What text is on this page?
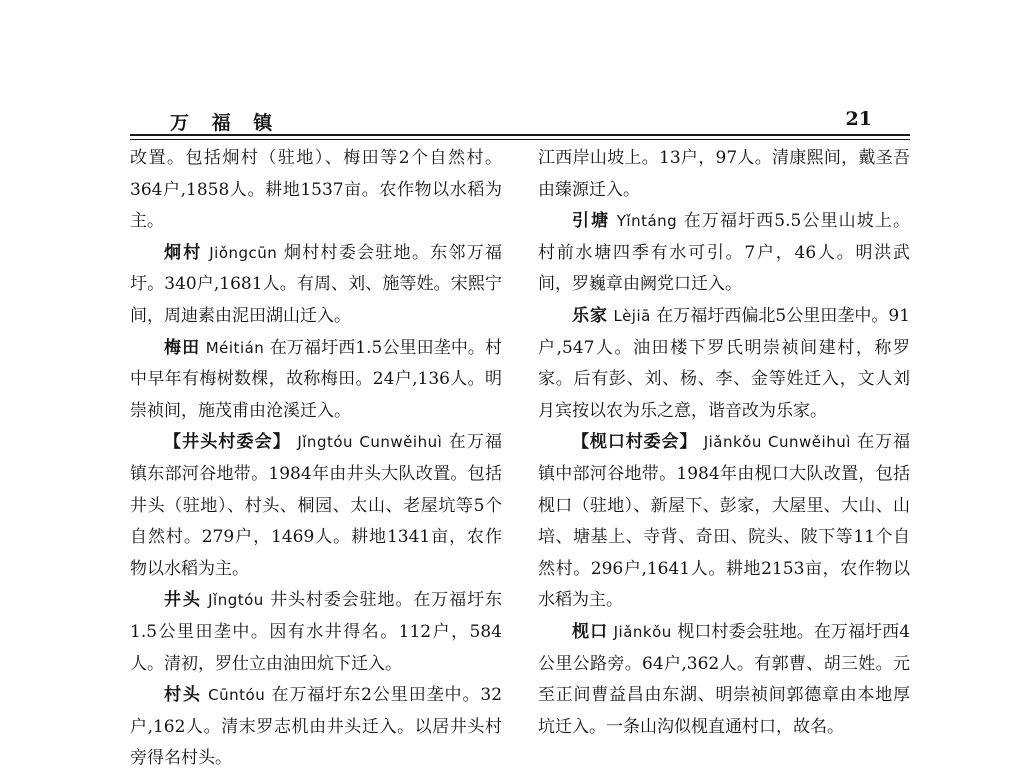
万 福 镇	21

改置。包括炯村（驻地）、梅田等2个自然村。364户,1858人。耕地1537亩。农作物以水稻为主。

炯村 Jiǒngcūn 炯村村委会驻地。东邻万福圩。340户,1681人。有周、刘、施等姓。宋熙宁间，周迪素由泥田湖山迁入。

梅田 Méitián 在万福圩西1.5公里田垄中。村中早年有梅树数棵，故称梅田。24户,136人。明崇祯间，施茂甫由沧溪迁入。

【井头村委会】 Jǐngtóu Cunwěihuì 在万福镇东部河谷地带。1984年由井头大队改置。包括井头（驻地）、村头、桐园、太山、老屋坑等5个自然村。279户，1469人。耕地1341亩，农作物以水稻为主。

井头 Jǐngtóu 井头村委会驻地。在万福圩东1.5公里田垄中。因有水井得名。112户，584人。清初，罗仕立由油田炕下迁入。

村头 Cūntóu 在万福圩东2公里田垄中。32户,162人。清末罗志机由井头迁入。以居井头村旁得名村头。

江西岸山坡上。13户，97人。清康熙间，戴圣吾由臻源迁入。

引塘 Yǐntáng 在万福圩西5.5公里山坡上。村前水塘四季有水可引。7户，46人。明洪武间，罗巍章由阙党口迁入。

乐家 Lèjiā 在万福圩西偏北5公里田垄中。91户,547人。油田楼下罗氏明崇祯间建村，称罗家。后有彭、刘、杨、李、金等姓迁入，文人刘月宾按以农为乐之意，谐音改为乐家。

【枧口村委会】 Jiǎnkǒu Cunwěihuì 在万福镇中部河谷地带。1984年由枧口大队改置，包括枧口（驻地）、新屋下、彭家，大屋里、大山、山培、塘基上、寺背、奇田、院头、陂下等11个自然村。296户,1641人。耕地2153亩，农作物以水稻为主。

枧口 Jiǎnkǒu 枧口村委会驻地。在万福圩西4公里公路旁。64户,362人。有郭曹、胡三姓。元至正间曹益昌由东湖、明崇祯间郭德章由本地厚坑迁入。一条山沟似枧直通村口，故名。
